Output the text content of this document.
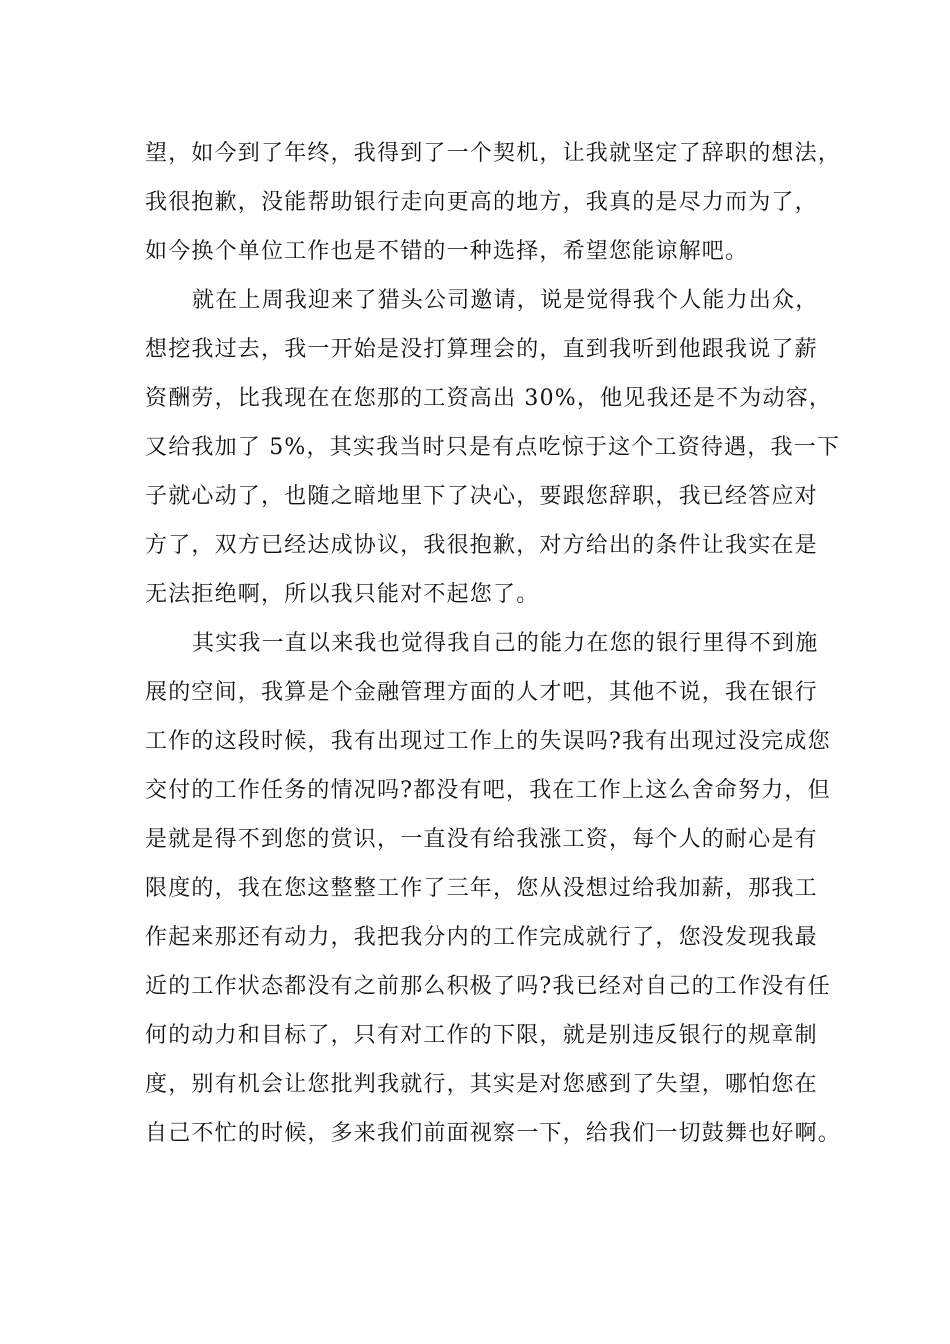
望，如今到了年终，我得到了一个契机，让我就坚定了辞职的想法，
我很抱歉，没能帮助银行走向更高的地方，我真的是尽力而为了，
如今换个单位工作也是不错的一种选择，希望您能谅解吧。
就在上周我迎来了猎头公司邀请，说是觉得我个人能力出众，
想挖我过去，我一开始是没打算理会的，直到我听到他跟我说了薪
资酬劳，比我现在在您那的工资高出 30%，他见我还是不为动容，
又给我加了 5%，其实我当时只是有点吃惊于这个工资待遇，我一下
子就心动了，也随之暗地里下了决心，要跟您辞职，我已经答应对
方了，双方已经达成协议，我很抱歉，对方给出的条件让我实在是
无法拒绝啊，所以我只能对不起您了。
其实我一直以来我也觉得我自己的能力在您的银行里得不到施
展的空间，我算是个金融管理方面的人才吧，其他不说，我在银行
工作的这段时候，我有出现过工作上的失误吗?我有出现过没完成您
交付的工作任务的情况吗?都没有吧，我在工作上这么舍命努力，但
是就是得不到您的赏识，一直没有给我涨工资，每个人的耐心是有
限度的，我在您这整整工作了三年，您从没想过给我加薪，那我工
作起来那还有动力，我把我分内的工作完成就行了，您没发现我最
近的工作状态都没有之前那么积极了吗?我已经对自己的工作没有任
何的动力和目标了，只有对工作的下限，就是别违反银行的规章制
度，别有机会让您批判我就行，其实是对您感到了失望，哪怕您在
自己不忙的时候，多来我们前面视察一下，给我们一切鼓舞也好啊。
